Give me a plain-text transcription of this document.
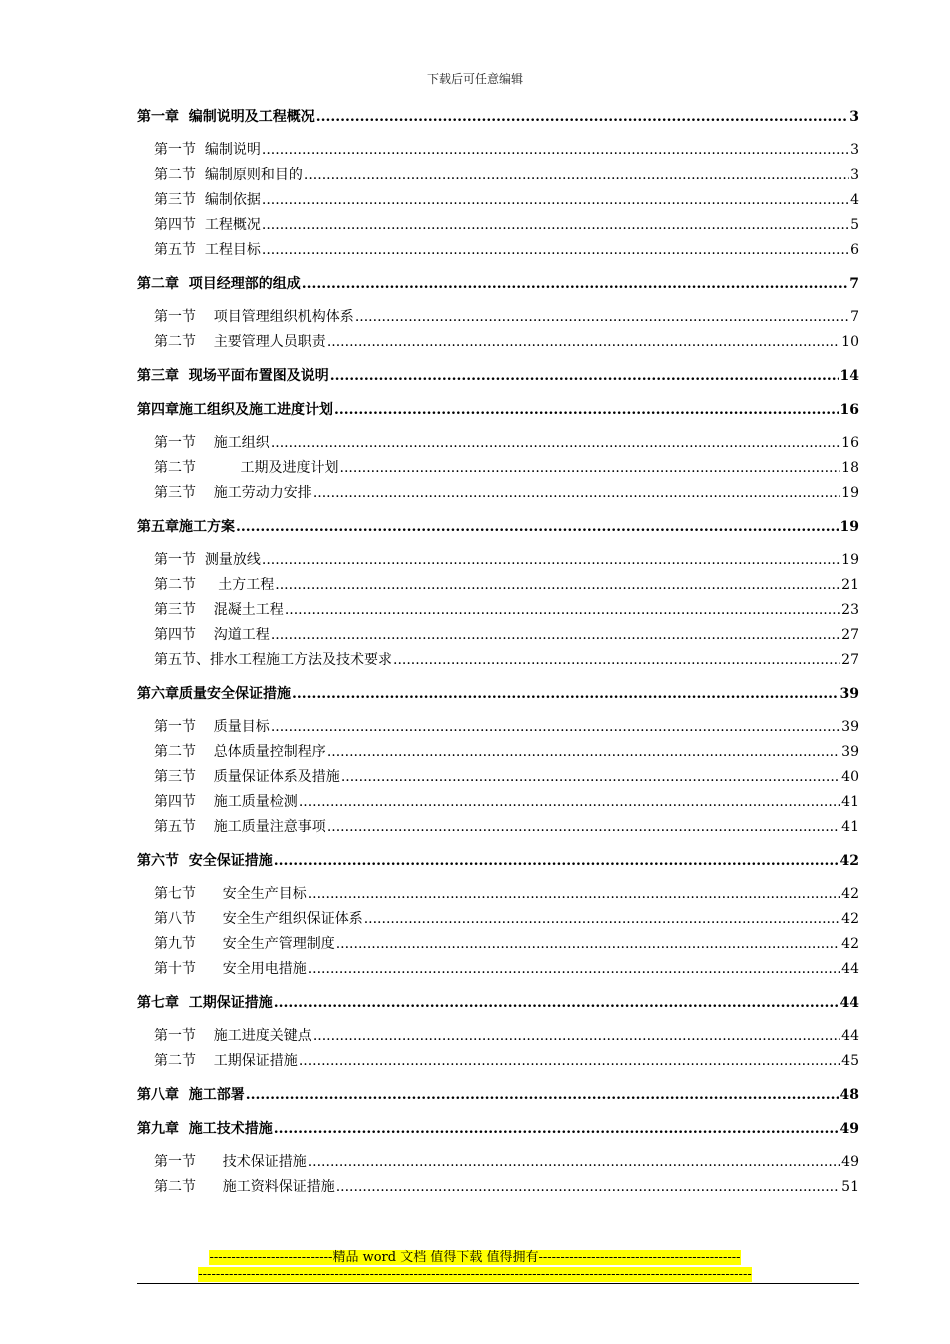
下载后可任意编辑
第一章  编制说明及工程概况 .....	3
第一节  编制说明 .....	3
第二节  编制原则和目的 .....	3
第三节  编制依据 .....	4
第四节  工程概况 .....	5
第五节  工程目标 .....	6
第二章  项目经理部的组成 .....	7
第一节    项目管理组织机构体系 .....	7
第二节    主要管理人员职责 .....	10
第三章  现场平面布置图及说明 .....	14
第四章施工组织及施工进度计划 .....	16
第一节    施工组织 .....	16
第二节          工期及进度计划 .....	18
第三节    施工劳动力安排 .....	19
第五章施工方案 .....	19
第一节  测量放线 .....	19
第二节     土方工程 .....	21
第三节    混凝土工程 .....	23
第四节    沟道工程 .....	27
第五节、排水工程施工方法及技术要求 .....	27
第六章质量安全保证措施 .....	39
第一节    质量目标 .....	39
第二节    总体质量控制程序 .....	39
第三节    质量保证体系及措施 .....	40
第四节    施工质量检测 .....	41
第五节    施工质量注意事项 .....	41
第六节  安全保证措施 .....	42
第七节      安全生产目标 .....	42
第八节      安全生产组织保证体系 .....	42
第九节      安全生产管理制度 .....	42
第十节      安全用电措施 .....	44
第七章  工期保证措施 .....	44
第一节    施工进度关键点 .....	44
第二节    工期保证措施 .....	45
第八章  施工部署 .....	48
第九章  施工技术措施 .....	49
第一节      技术保证措施 .....	49
第二节      施工资料保证措施 .....	51
----------------------------精品 word 文档 值得下载 值得拥有----------------------------------------------
------------------------------------------------------------------------------------------------------------------------------
